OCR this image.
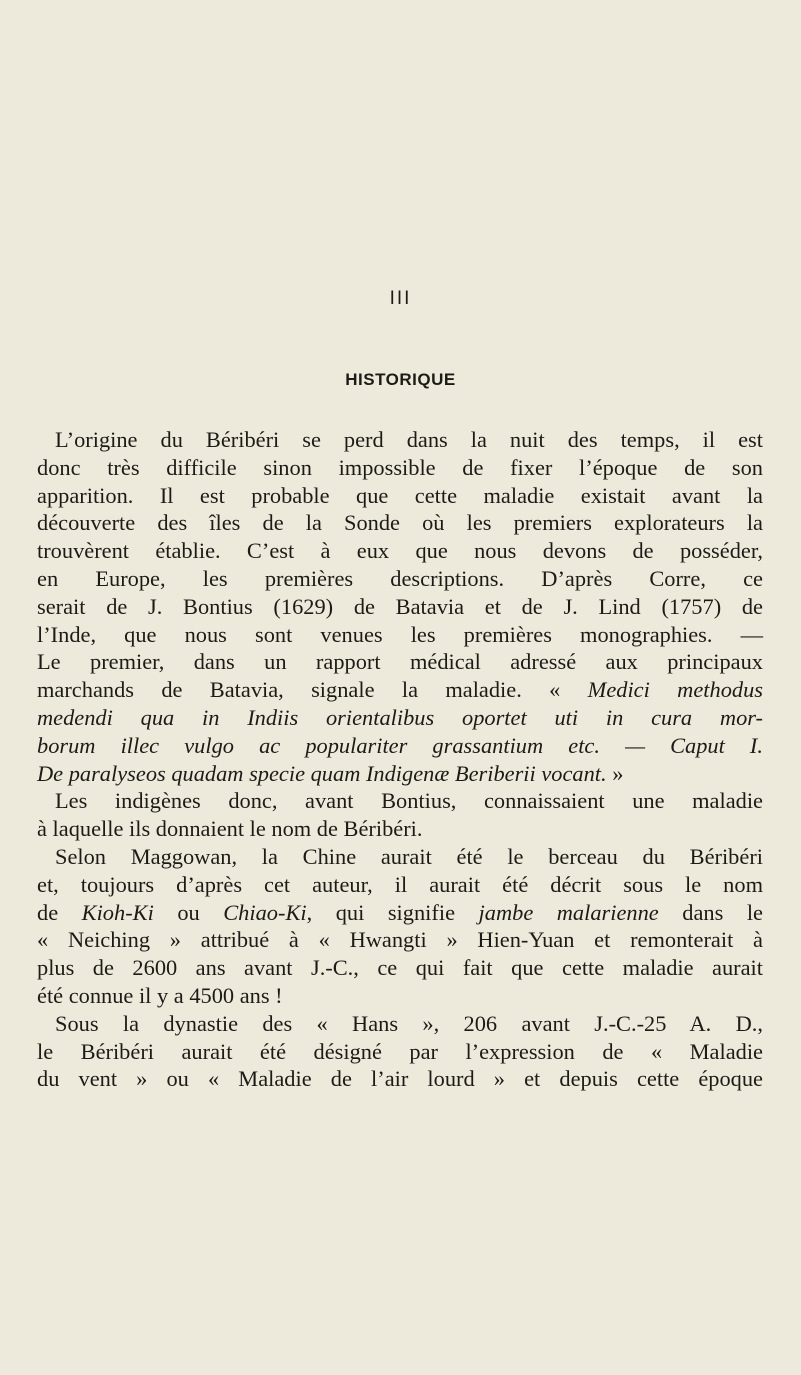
III
HISTORIQUE
L’origine du Béribéri se perd dans la nuit des temps, il est
donc très difficile sinon impossible de fixer l’époque de son
apparition. Il est probable que cette maladie existait avant la
découverte des îles de la Sonde où les premiers explorateurs la
trouvèrent établie. C’est à eux que nous devons de posséder,
en Europe, les premières descriptions. D’après Corre, ce
serait de J. Bontius (1629) de Batavia et de J. Lind (1757) de
l’Inde, que nous sont venues les premières monographies. —
Le premier, dans un rapport médical adressé aux principaux
marchands de Batavia, signale la maladie. « Medici methodus
medendi qua in Indiis orientalibus oportet uti in cura mor-
borum illec vulgo ac populariter grassantium etc. — Caput I.
De paralyseos quadam specie quam Indigenæ Beriberii vocant. »
Les indigènes donc, avant Bontius, connaissaient une maladie
à laquelle ils donnaient le nom de Béribéri.
Selon Maggowan, la Chine aurait été le berceau du Béribéri
et, toujours d’après cet auteur, il aurait été décrit sous le nom
de Kioh-Ki ou Chiao-Ki, qui signifie jambe malarienne dans le
« Neiching » attribué à « Hwangti » Hien-Yuan et remonterait à
plus de 2600 ans avant J.-C., ce qui fait que cette maladie aurait
été connue il y a 4500 ans !
Sous la dynastie des « Hans », 206 avant J.-C.-25 A. D.,
le Béribéri aurait été désigné par l’expression de « Maladie
du vent » ou « Maladie de l’air lourd » et depuis cette époque
